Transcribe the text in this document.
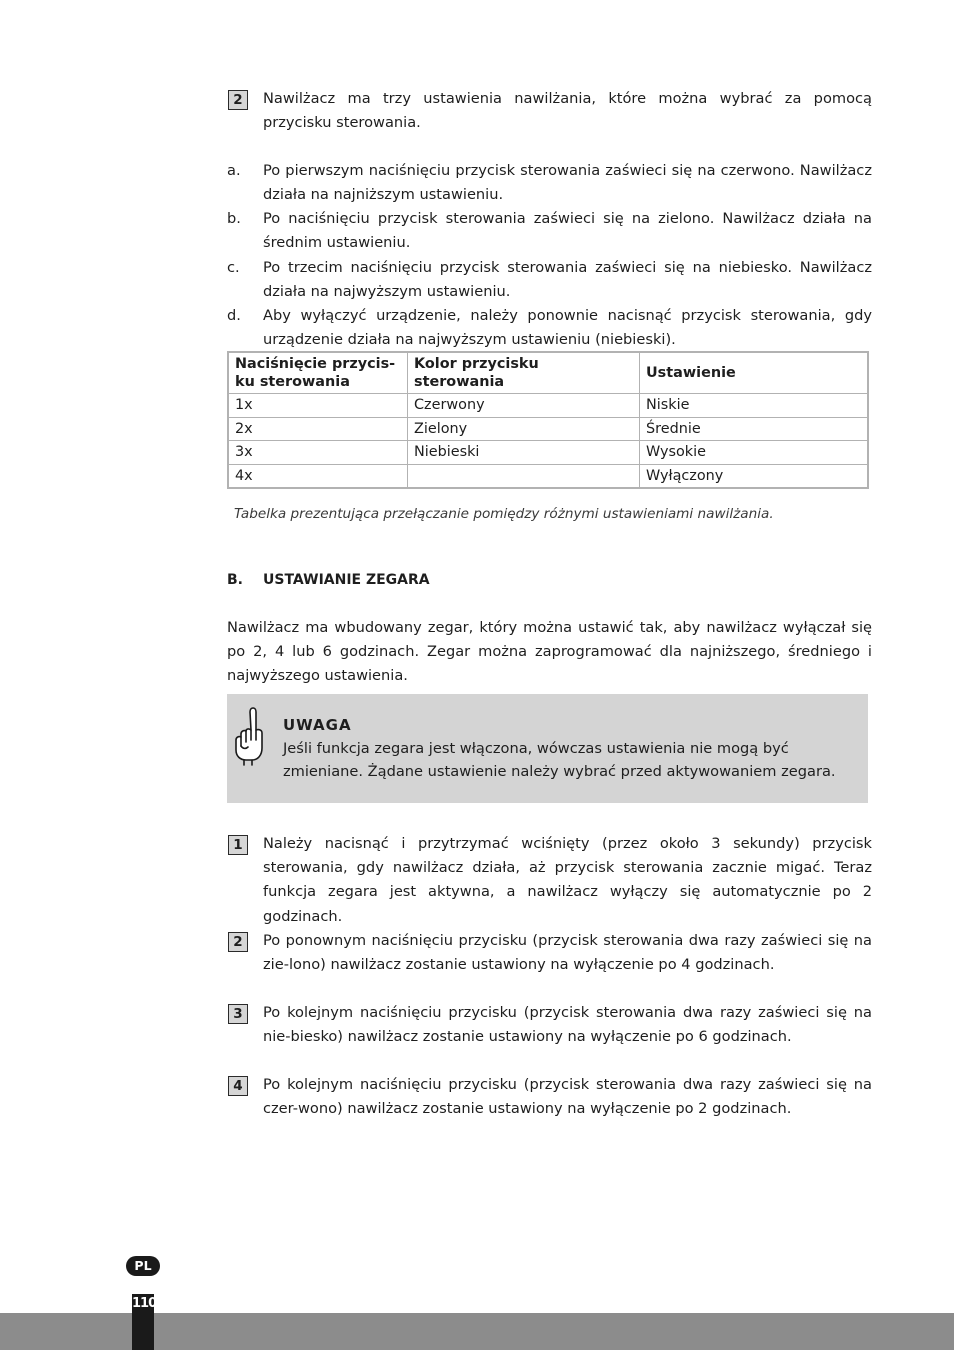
2	Nawilżacz ma trzy ustawienia nawilżania, które można wybrać za pomocą przycisku sterowania.

a. Po pierwszym naciśnięciu przycisk sterowania zaświeci się na czerwono. Nawilżacz działa na najniższym ustawieniu.

b. Po naciśnięciu przycisk sterowania zaświeci się na zielono. Nawilżacz działa na średnim ustawieniu.

c. Po trzecim naciśnięciu przycisk sterowania zaświeci się na niebiesko. Nawilżacz działa na najwyższym ustawieniu.

d. Aby wyłączyć urządzenie, należy ponownie nacisnąć przycisk sterowania, gdy urządzenie działa na najwyższym ustawieniu (niebieski).

Naciśnięcie przycis-ku sterowania	Kolor przycisku sterowania	Ustawienie
1x	Czerwony	Niskie
2x	Zielony	Średnie
3x	Niebieski	Wysokie
4x		Wyłączony
Tabelka prezentująca przełączanie pomiędzy różnymi ustawieniami nawilżania.
B. USTAWIANIE ZEGARA

Nawilżacz ma wbudowany zegar, który można ustawić tak, aby nawilżacz wyłączał się po 2, 4 lub 6 godzinach. Zegar można zaprogramować dla najniższego, średniego i najwyższego ustawienia.

UWAGA

Jeśli funkcja zegara jest włączona, wówczas ustawienia nie mogą być zmieniane. Żądane ustawienie należy wybrać przed aktywowaniem zegara.

1	Należy nacisnąć i przytrzymać wciśnięty (przez około 3 sekundy) przycisk sterowania, gdy nawilżacz działa, aż przycisk sterowania zacznie migać. Teraz funkcja zegara jest aktywna, a nawilżacz wyłączy się automatycznie po 2 godzinach.

2	Po ponownym naciśnięciu przycisku (przycisk sterowania dwa razy zaświeci się na zie-lono) nawilżacz zostanie ustawiony na wyłączenie po 4 godzinach.

3	Po kolejnym naciśnięciu przycisku (przycisk sterowania dwa razy zaświeci się na nie-biesko) nawilżacz zostanie ustawiony na wyłączenie po 6 godzinach.

4	Po kolejnym naciśnięciu przycisku (przycisk sterowania dwa razy zaświeci się na czer-wono) nawilżacz zostanie ustawiony na wyłączenie po 2 godzinach.

PL
110
